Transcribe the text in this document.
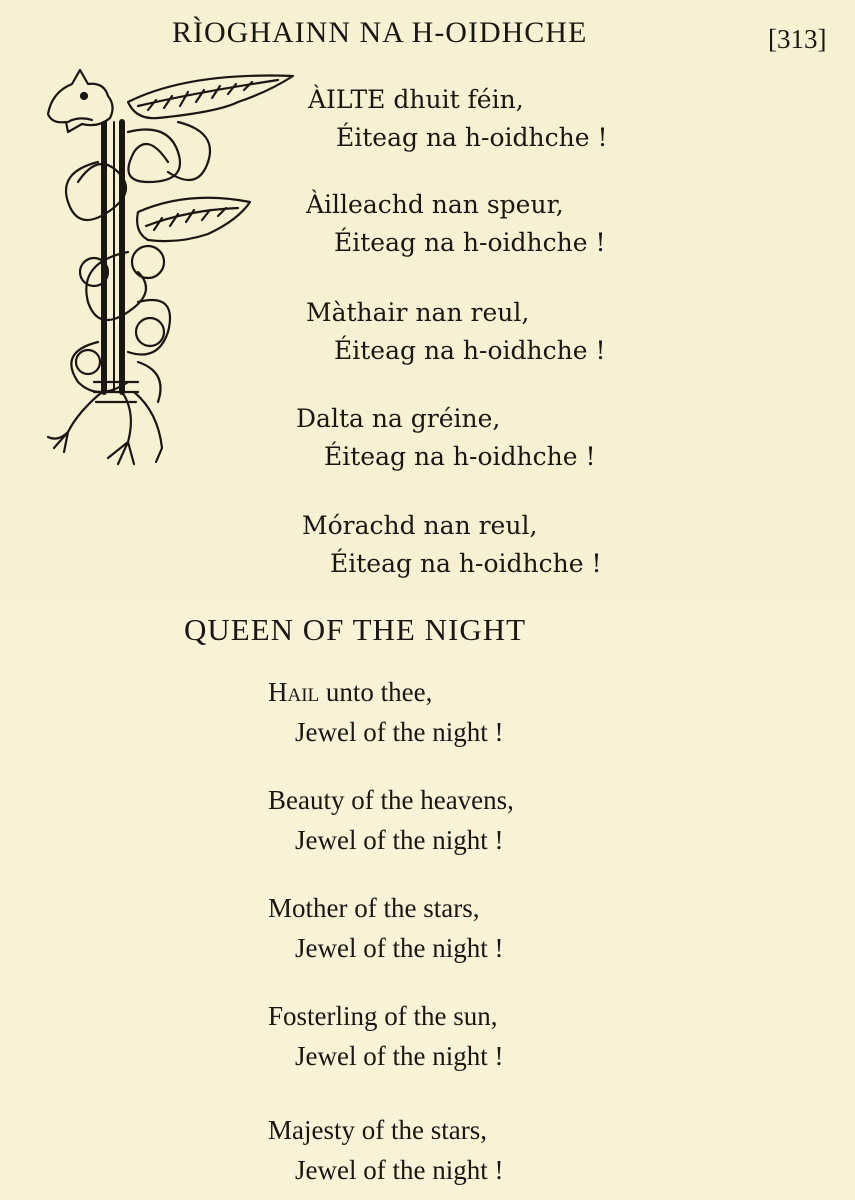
RÌOGHAINN NA H-OIDHCHE	[313]
ÀILTE dhuit féin,
Éiteag na h-oidhche !
Àilleachd nan speur,
Éiteag na h-oidhche !
Màthair nan reul,
Éiteag na h-oidhche !
Dalta na gréine,
Éiteag na h-oidhche !
Mórachd nan reul,
Éiteag na h-oidhche !
QUEEN OF THE NIGHT
Hail unto thee,
Jewel of the night !
Beauty of the heavens,
Jewel of the night !
Mother of the stars,
Jewel of the night !
Fosterling of the sun,
Jewel of the night !
Majesty of the stars,
Jewel of the night !
